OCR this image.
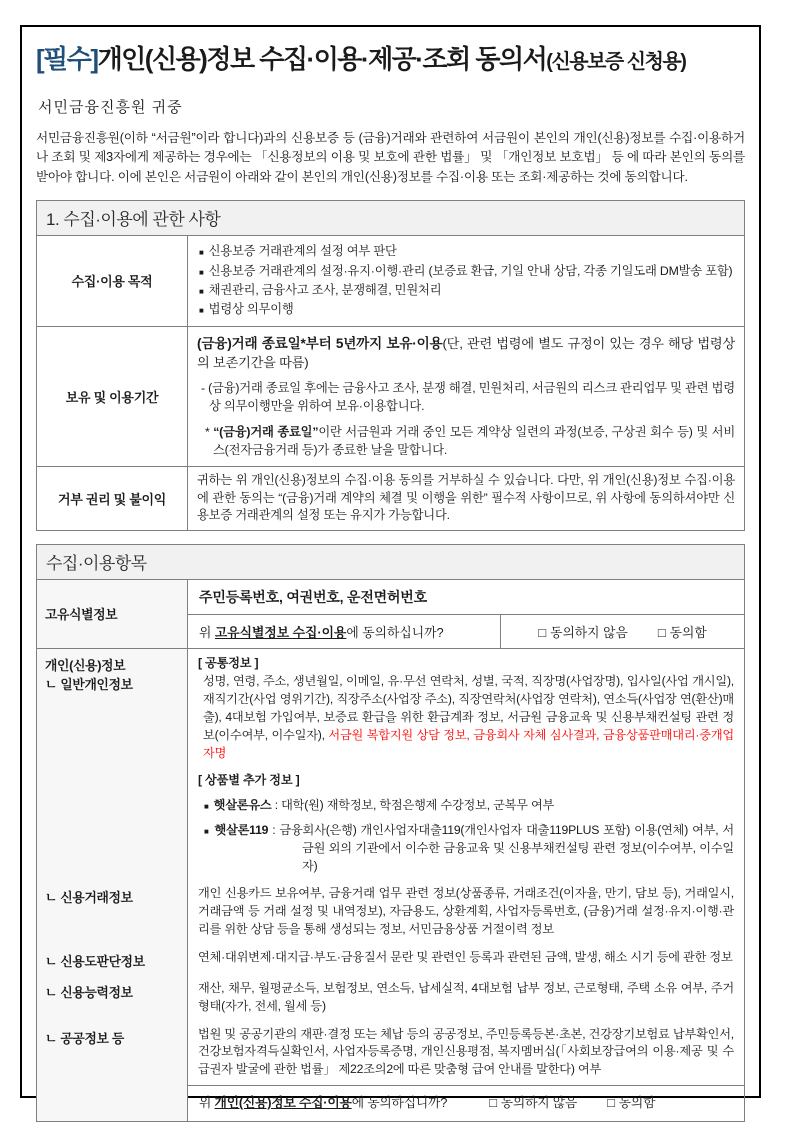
[필수]개인(신용)정보 수집·이용·제공·조회 동의서(신용보증 신청용)

서민금융진흥원 귀중

서민금융진흥원(이하 “서금원”이라 합니다)과의 신용보증 등 (금융)거래와 관련하여 서금원이 본인의 개인(신용)정보를 수집·이용하거나 조회 및 제3자에게 제공하는 경우에는 「신용정보의 이용 및 보호에 관한 법률」 및 「개인정보 보호법」 등 에 따라 본인의 동의를 받아야 합니다. 이에 본인은 서금원이 아래와 같이 본인의 개인(신용)정보를 수집·이용 또는 조회·제공하는 것에 동의합니다.

1. 수집·이용에 관한 사항
수집·이용 목적
■ 신용보증 거래관계의 설정 여부 판단
■ 신용보증 거래관계의 설정·유지·이행·관리 (보증료 환급, 기일 안내 상담, 각종 기일도래 DM발송 포함)
■ 채권관리, 금융사고 조사, 분쟁해결, 민원처리
■ 법령상 의무이행
보유 및 이용기간

(금융)거래 종료일*부터 5년까지 보유·이용(단, 관련 법령에 별도 규정이 있는 경우 해당 법령상의 보존기간을 따름)

- (금융)거래 종료일 후에는 금융사고 조사, 분쟁 해결, 민원처리, 서금원의 리스크 관리업무 및 관련 법령상 의무이행만을 위하여 보유·이용합니다.

* “(금융)거래 종료일”이란 서금원과 거래 중인 모든 계약상 일련의 과정(보증, 구상권 회수 등) 및 서비스(전자금융거래 등)가 종료한 날을 말합니다.

거부 권리 및 불이익
귀하는 위 개인(신용)정보의 수집·이용 동의를 거부하실 수 있습니다. 다만, 위 개인(신용)정보 수집·이용에 관한 동의는 “(금융)거래 계약의 체결 및 이행을 위한” 필수적 사항이므로, 위 사항에 동의하셔야만 신용보증 거래관계의 설정 또는 유지가 가능합니다.
수집·이용항목
고유식별정보
주민등록번호, 여권번호, 운전면허번호
위 고유식별정보 수집·이용에 동의하십니까?	□ 동의하지 않음 □ 동의함
개인(신용)정보
ㄴ 일반개인정보
[ 공통정보 ]
성명, 연령, 주소, 생년월일, 이메일, 유·무선 연락처, 성별, 국적, 직장명(사업장명), 입사일(사업 개시일), 재직기간(사업 영위기간), 직장주소(사업장 주소), 직장연락처(사업장 연락처), 연소득(사업장 연(환산)매출), 4대보험 가입여부, 보증료 환급을 위한 환급계좌 정보, 서금원 금융교육 및 신용부채컨설팅 관련 정보(이수여부, 이수일자), 서금원 복합지원 상담 정보, 금융회사 자체 심사결과, 금융상품판매대리·중개업자명
[ 상품별 추가 정보 ]
■ 햇살론유스 : 대학(원) 재학정보, 학점은행제 수강정보, 군복무 여부
■ 햇살론119 : 금융회사(은행) 개인사업자대출119(개인사업자 대출119PLUS 포함) 이용(연체) 여부, 서금원 외의 기관에서 이수한 금융교육 및 신용부채컨설팅 관련 정보(이수여부, 이수일자)
ㄴ 신용거래정보	개인 신용카드 보유여부, 금융거래 업무 관련 정보(상품종류, 거래조건(이자율, 만기, 담보 등), 거래일시, 거래금액 등 거래 설정 및 내역정보), 자금용도, 상환계획, 사업자등록번호, (금융)거래 설정·유지·이행·관리를 위한 상담 등을 통해 생성되는 정보, 서민금융상품 거절이력 정보
ㄴ 신용도판단정보	연체·대위변제·대지급·부도·금융질서 문란 및 관련인 등록과 관련된 금액, 발생, 해소 시기 등에 관한 정보
ㄴ 신용능력정보	재산, 채무, 월평균소득, 보험정보, 연소득, 납세실적, 4대보험 납부 정보, 근로형태, 주택 소유 여부, 주거형태(자가, 전세, 월세 등)
ㄴ 공공정보 등	법원 및 공공기관의 재판·결정 또는 체납 등의 공공정보, 주민등록등본·초본, 건강장기보험료 납부확인서, 건강보험자격득실확인서, 사업자등록증명, 개인신용평점, 복지멤버십(「사회보장급여의 이용·제공 및 수급권자 발굴에 관한 법률」 제22조의2에 따른 맞춤형 급여 안내를 말한다) 여부
위 개인(신용)정보 수집·이용에 동의하십니까?	□ 동의하지 않음 □ 동의함
